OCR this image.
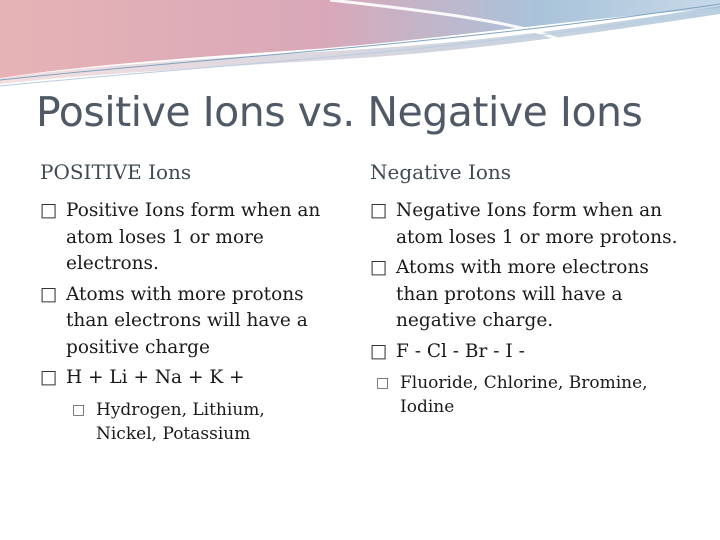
Positive Ions vs. Negative Ions
POSITIVE Ions	Negative Ions
□ Positive Ions form when an atom loses 1 or more electrons.
□ Atoms with more protons than electrons will have a positive charge
□ H + Li + Na + K +
□ Hydrogen, Lithium, Nickel, Potassium
□ Negative Ions form when an atom loses 1 or more protons.
□ Atoms with more electrons than protons will have a negative charge.
□ F - Cl - Br - I -
□ Fluoride, Chlorine, Bromine, Iodine
